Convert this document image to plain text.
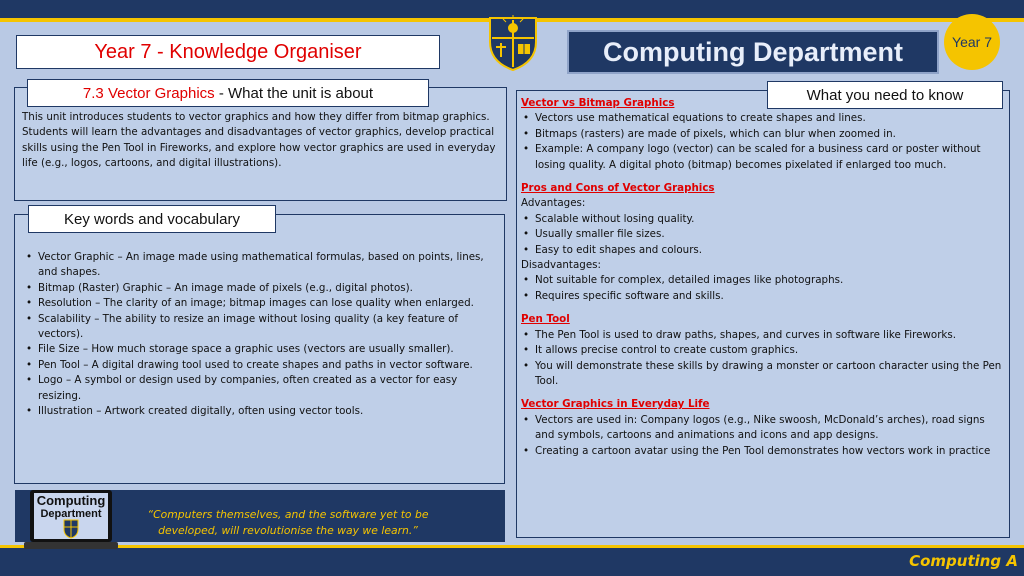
Year 7 - Knowledge Organiser	Computing Department	Year 7
7.3 Vector Graphics - What the unit is about
This unit introduces students to vector graphics and how they differ from bitmap graphics. Students will learn the advantages and disadvantages of vector graphics, develop practical skills using the Pen Tool in Fireworks, and explore how vector graphics are used in everyday life (e.g., logos, cartoons, and digital illustrations).
Key words and vocabulary
• Vector Graphic – An image made using mathematical formulas, based on points, lines, and shapes.
• Bitmap (Raster) Graphic – An image made of pixels (e.g., digital photos).
• Resolution – The clarity of an image; bitmap images can lose quality when enlarged.
• Scalability – The ability to resize an image without losing quality (a key feature of vectors).
• File Size – How much storage space a graphic uses (vectors are usually smaller).
• Pen Tool – A digital drawing tool used to create shapes and paths in vector software.
• Logo – A symbol or design used by companies, often created as a vector for easy resizing.
• Illustration – Artwork created digitally, often using vector tools.
What you need to know
Vector vs Bitmap Graphics
• Vectors use mathematical equations to create shapes and lines.
• Bitmaps (rasters) are made of pixels, which can blur when zoomed in.
• Example: A company logo (vector) can be scaled for a business card or poster without losing quality. A digital photo (bitmap) becomes pixelated if enlarged too much.
Pros and Cons of Vector Graphics
Advantages:
• Scalable without losing quality.
• Usually smaller file sizes.
• Easy to edit shapes and colours.
Disadvantages:
• Not suitable for complex, detailed images like photographs.
• Requires specific software and skills.
Pen Tool
• The Pen Tool is used to draw paths, shapes, and curves in software like Fireworks.
• It allows precise control to create custom graphics.
• You will demonstrate these skills by drawing a monster or cartoon character using the Pen Tool.
Vector Graphics in Everyday Life
• Vectors are used in: Company logos (e.g., Nike swoosh, McDonald’s arches), road signs and symbols, cartoons and animations and icons and app designs.
• Creating a cartoon avatar using the Pen Tool demonstrates how vectors work in practice
Computing
Department	“Computers themselves, and the software yet to be developed, will revolutionise the way we learn.”
Computing A
